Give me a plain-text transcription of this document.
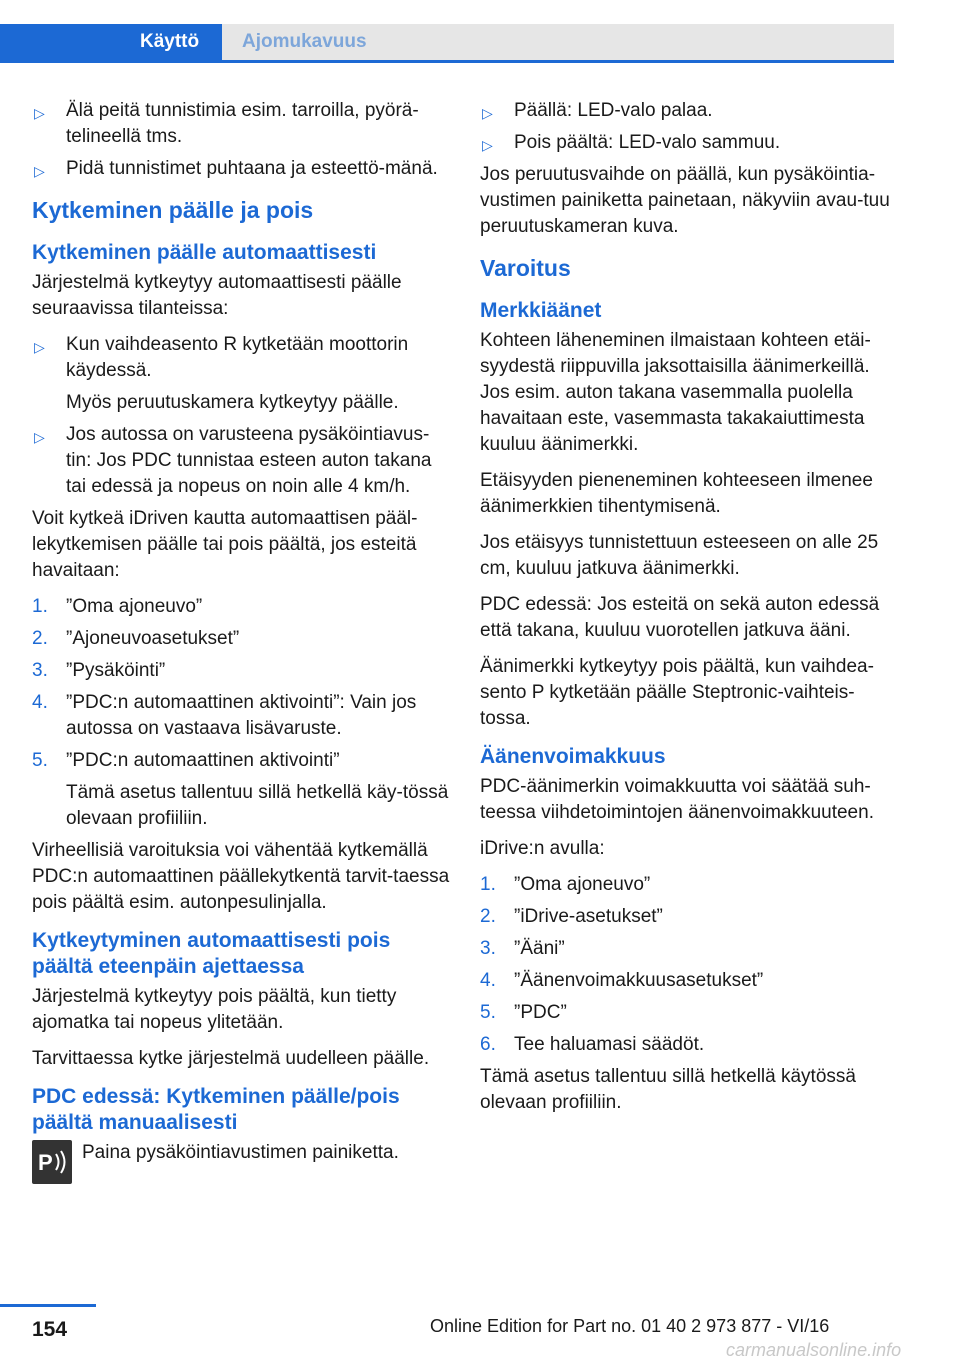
Käyttö	Ajomukavuus
▷ Älä peitä tunnistimia esim. tarroilla, pyörä-telineellä tms.
▷ Pidä tunnistimet puhtaana ja esteettö-mänä.
Kytkeminen päälle ja pois
Kytkeminen päälle automaattisesti
Järjestelmä kytkeytyy automaattisesti päälle seuraavissa tilanteissa:
▷ Kun vaihdeasento R kytketään moottorin käydessä.
Myös peruutuskamera kytkeytyy päälle.
▷ Jos autossa on varusteena pysäköintiavus-tin: Jos PDC tunnistaa esteen auton takana tai edessä ja nopeus on noin alle 4 km/h.
Voit kytkeä iDriven kautta automaattisen pääl-lekytkemisen päälle tai pois päältä, jos esteitä havaitaan:
1. ”Oma ajoneuvo”
2. ”Ajoneuvoasetukset”
3. ”Pysäköinti”
4. ”PDC:n automaattinen aktivointi”: Vain jos autossa on vastaava lisävaruste.
5. ”PDC:n automaattinen aktivointi”
Tämä asetus tallentuu sillä hetkellä käy-tössä olevaan profiiliin.
Virheellisiä varoituksia voi vähentää kytkemällä PDC:n automaattinen päällekytkentä tarvit-taessa pois päältä esim. autonpesulinjalla.
Kytkeytyminen automaattisesti pois päältä eteenpäin ajettaessa
Järjestelmä kytkeytyy pois päältä, kun tietty ajomatka tai nopeus ylitetään.
Tarvittaessa kytke järjestelmä uudelleen päälle.
PDC edessä: Kytkeminen päälle/pois päältä manuaalisesti
P Paina pysäköintiavustimen painiketta.
▷ Päällä: LED-valo palaa.
▷ Pois päältä: LED-valo sammuu.
Jos peruutusvaihde on päällä, kun pysäköintia-vustimen painiketta painetaan, näkyviin avau-tuu peruutuskameran kuva.
Varoitus
Merkkiäänet
Kohteen läheneminen ilmaistaan kohteen etäi-syydestä riippuvilla jaksottaisilla äänimerkeillä. Jos esim. auton takana vasemmalla puolella havaitaan este, vasemmasta takakaiuttimesta kuuluu äänimerkki.
Etäisyyden pieneneminen kohteeseen ilmenee äänimerkkien tihentymisenä.
Jos etäisyys tunnistettuun esteeseen on alle 25 cm, kuuluu jatkuva äänimerkki.
PDC edessä: Jos esteitä on sekä auton edessä että takana, kuuluu vuorotellen jatkuva ääni.
Äänimerkki kytkeytyy pois päältä, kun vaihdea-sento P kytketään päälle Steptronic-vaihteis-tossa.
Äänenvoimakkuus
PDC-äänimerkin voimakkuutta voi säätää suh-teessa viihdetoimintojen äänenvoimakkuuteen.
iDrive:n avulla:
1. ”Oma ajoneuvo”
2. ”iDrive-asetukset”
3. ”Ääni”
4. ”Äänenvoimakkuusasetukset”
5. ”PDC”
6. Tee haluamasi säädöt.
Tämä asetus tallentuu sillä hetkellä käytössä olevaan profiiliin.
154	Online Edition for Part no. 01 40 2 973 877 - VI/16
carmanualsonline.info
